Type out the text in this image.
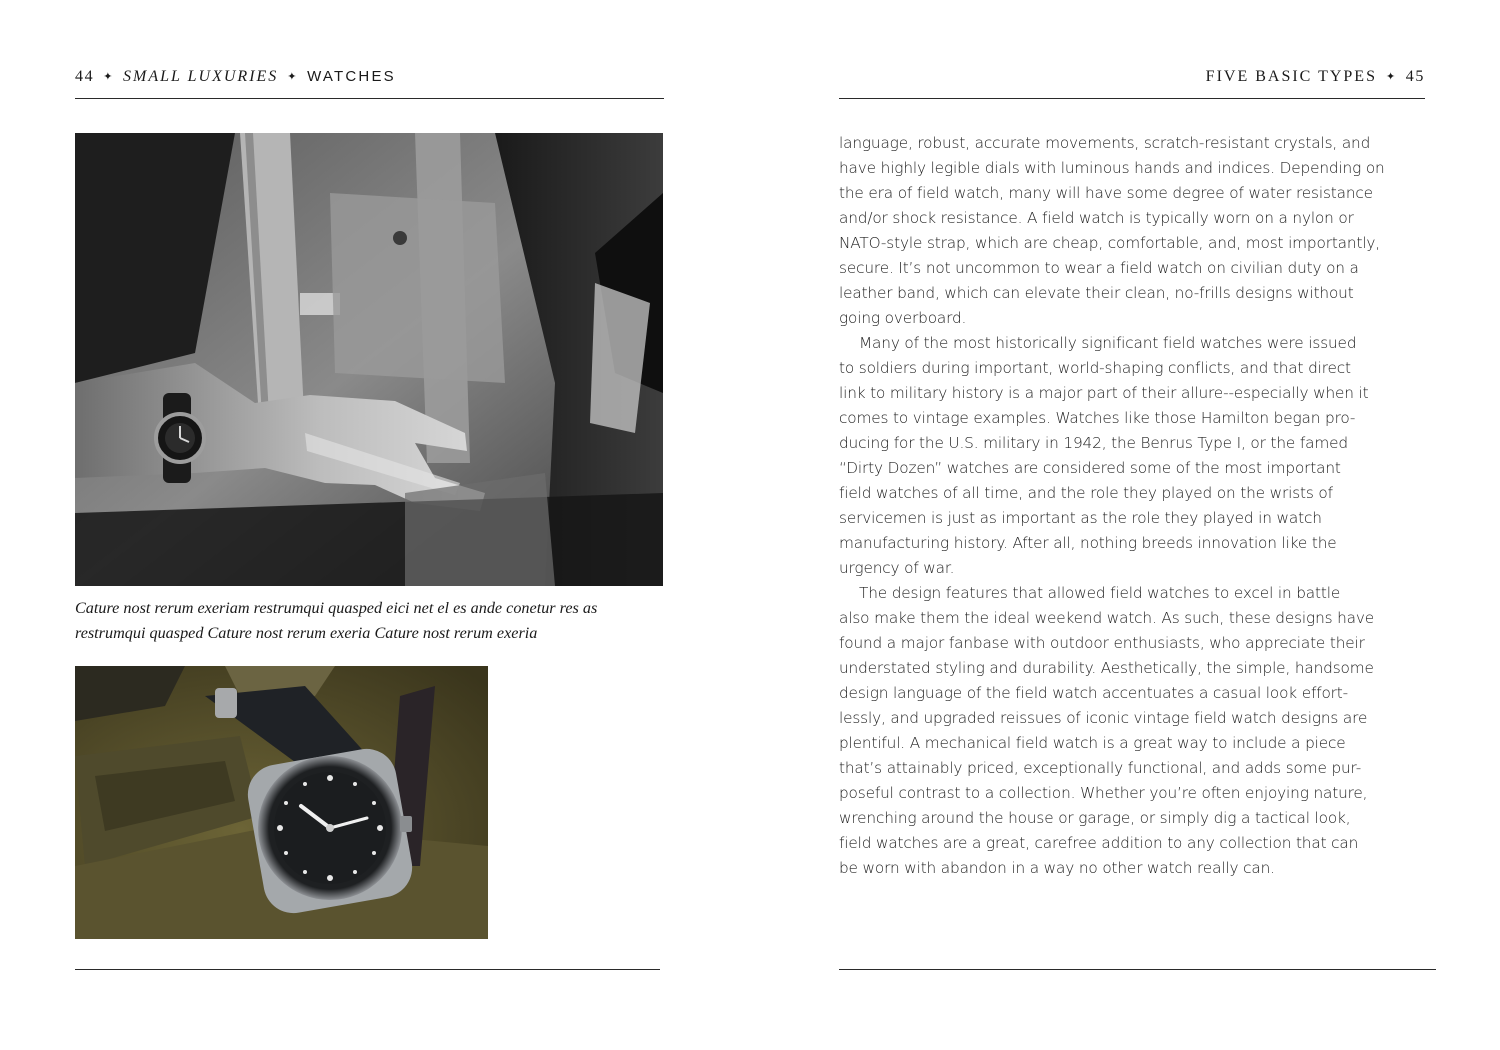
44 ✦ SMALL LUXURIES ✦ WATCHES	FIVE BASIC TYPES ✦ 45
Cature nost rerum exeriam restrumqui quasped eici net el es ande conetur res as
restrumqui quasped Cature nost rerum exeria Cature nost rerum exeria
language, robust, accurate movements, scratch-resistant crystals, and
have highly legible dials with luminous hands and indices. Depending on
the era of field watch, many will have some degree of water resistance
and/or shock resistance. A field watch is typically worn on a nylon or
NATO-style strap, which are cheap, comfortable, and, most importantly,
secure. It’s not uncommon to wear a field watch on civilian duty on a
leather band, which can elevate their clean, no-frills designs without
going overboard.
Many of the most historically significant field watches were issued
to soldiers during important, world-shaping conflicts, and that direct
link to military history is a major part of their allure--especially when it
comes to vintage examples. Watches like those Hamilton began pro-
ducing for the U.S. military in 1942, the Benrus Type I, or the famed
“Dirty Dozen” watches are considered some of the most important
field watches of all time, and the role they played on the wrists of
servicemen is just as important as the role they played in watch
manufacturing history. After all, nothing breeds innovation like the
urgency of war.
The design features that allowed field watches to excel in battle
also make them the ideal weekend watch. As such, these designs have
found a major fanbase with outdoor enthusiasts, who appreciate their
understated styling and durability. Aesthetically, the simple, handsome
design language of the field watch accentuates a casual look effort-
lessly, and upgraded reissues of iconic vintage field watch designs are
plentiful. A mechanical field watch is a great way to include a piece
that’s attainably priced, exceptionally functional, and adds some pur-
poseful contrast to a collection. Whether you’re often enjoying nature,
wrenching around the house or garage, or simply dig a tactical look,
field watches are a great, carefree addition to any collection that can
be worn with abandon in a way no other watch really can.
